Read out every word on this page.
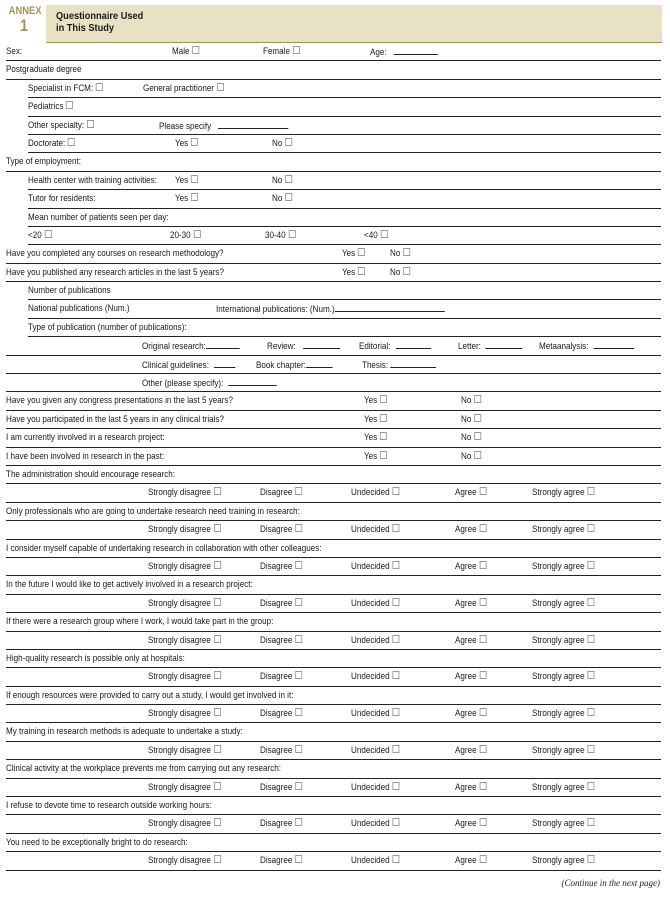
ANNEX
1	Questionnaire Used
in This Study
Sex:	Male	Female	Age:
Postgraduate degree
Specialist in FCM:	General practitioner
Pediatrics
Other specialty:	Please specify
Doctorate:	Yes	No
Type of employment:
Health center with training activities: Yes	No
Tutor for residents:	Yes	No
Mean number of patients seen per day:
<20	20-30	30-40	<40
Have you completed any courses on research methodology?	Yes	No
Have you published any research articles in the last 5 years?	Yes	No
Number of publications
National publications (Num.)	International publications: (Num.)
Type of publication (number of publications):
Original research:	Review:	Editorial:	Letter:	Metaanalysis:
Clinical guidelines:	Book chapter:	Thesis:
Other (please specify):
Have you given any congress presentations in the last 5 years?	Yes	No
Have you participated in the last 5 years in any clinical trials?	Yes	No
I am currently involved in a research project:	Yes	No
I have been involved in research in the past:	Yes	No
The administration should encourage research:
Strongly disagree	Disagree	Undecided	Agree	Strongly agree
Only professionals who are going to undertake research need training in research:
Strongly disagree	Disagree	Undecided	Agree	Strongly agree
I consider myself capable of undertaking research in collaboration with other colleagues:
Strongly disagree	Disagree	Undecided	Agree	Strongly agree
In the future I would like to get actively involved in a research project:
Strongly disagree	Disagree	Undecided	Agree	Strongly agree
If there were a research group where I work, I would take part in the group:
Strongly disagree	Disagree	Undecided	Agree	Strongly agree
High-quality research is possible only at hospitals:
Strongly disagree	Disagree	Undecided	Agree	Strongly agree
If enough resources were provided to carry out a study, I would get involved in it:
Strongly disagree	Disagree	Undecided	Agree	Strongly agree
My training in research methods is adequate to undertake a study:
Strongly disagree	Disagree	Undecided	Agree	Strongly agree
Clinical activity at the workplace prevents me from carrying out any research:
Strongly disagree	Disagree	Undecided	Agree	Strongly agree
I refuse to devote time to research outside working hours:
Strongly disagree	Disagree	Undecided	Agree	Strongly agree
You need to be exceptionally bright to do research:
Strongly disagree	Disagree	Undecided	Agree	Strongly agree
(Continue in the next page)
